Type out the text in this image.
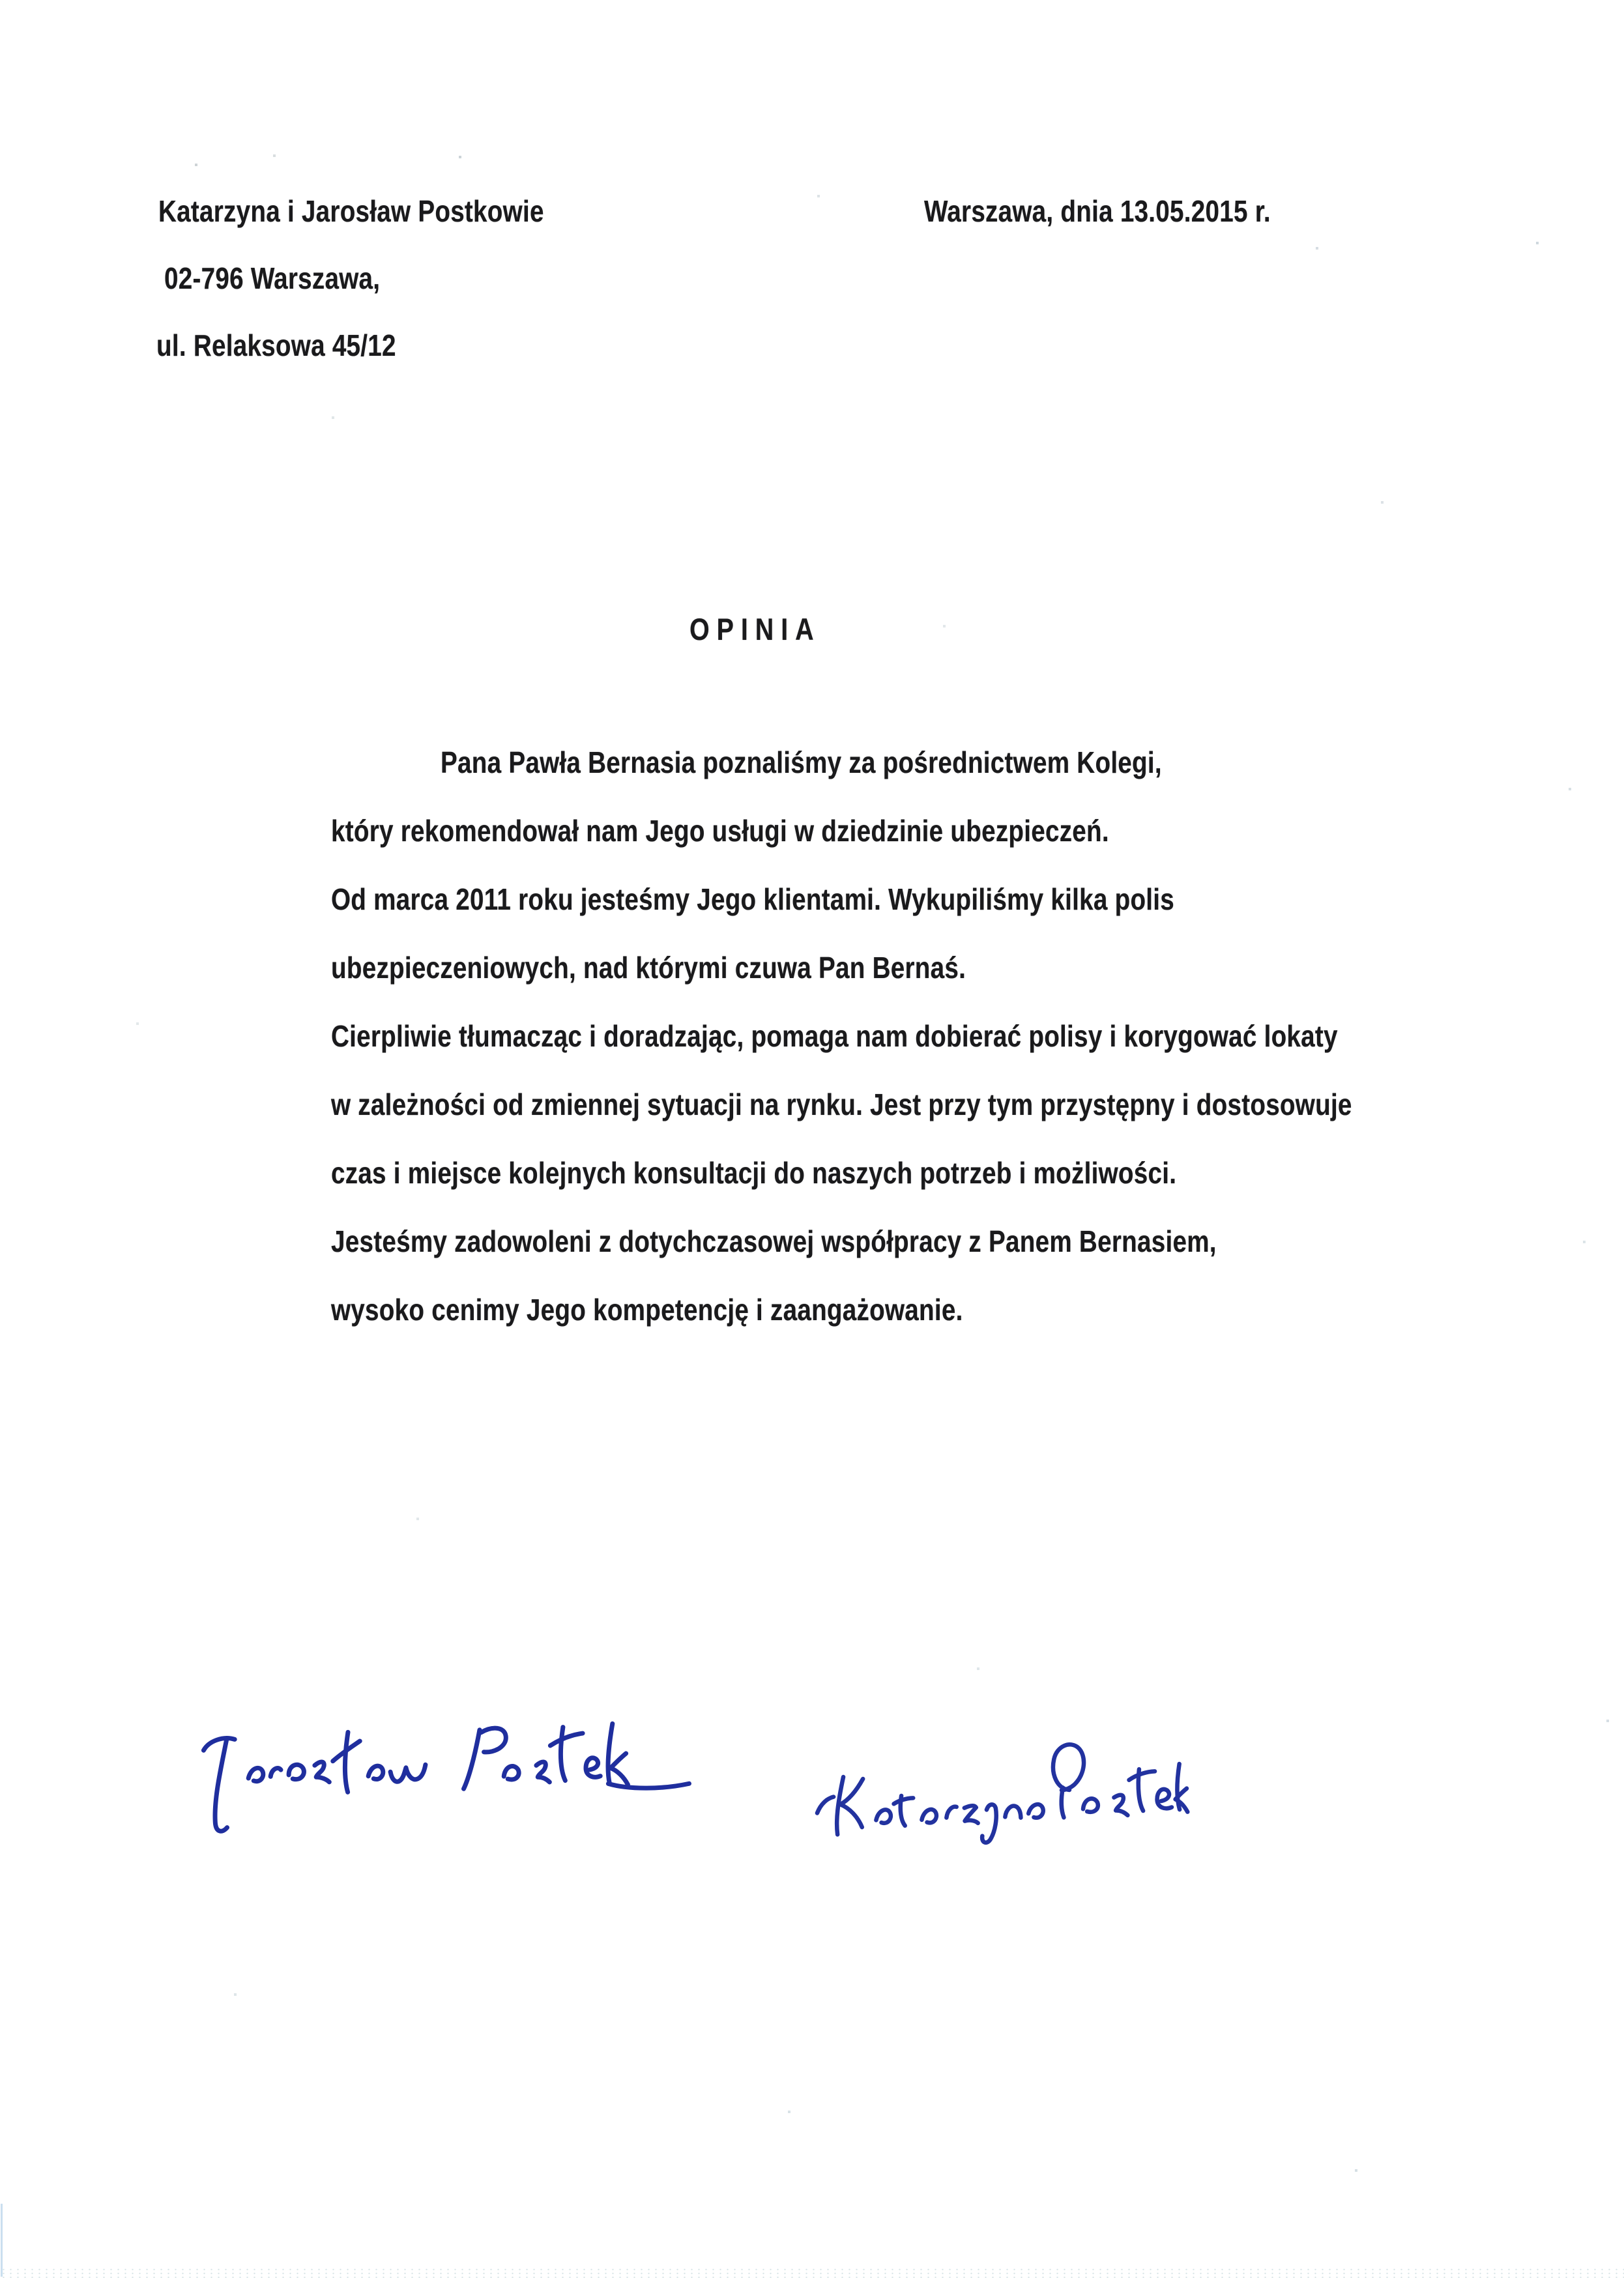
Katarzyna i Jarosław Postkowie
02-796 Warszawa,
ul. Relaksowa 45/12
Warszawa, dnia 13.05.2015 r.
OPINIA
Pana Pawła Bernasia poznaliśmy za pośrednictwem Kolegi,
który rekomendował nam Jego usługi w dziedzinie ubezpieczeń.
Od marca 2011 roku jesteśmy Jego klientami. Wykupiliśmy kilka polis
ubezpieczeniowych, nad którymi czuwa Pan Bernaś.
Cierpliwie tłumacząc i doradzając, pomaga nam dobierać polisy i korygować lokaty
w zależności od zmiennej sytuacji na rynku. Jest przy tym przystępny i dostosowuje
czas i miejsce kolejnych konsultacji do naszych potrzeb i możliwości.
Jesteśmy zadowoleni z dotychczasowej współpracy z Panem Bernasiem,
wysoko cenimy Jego kompetencję i zaangażowanie.
